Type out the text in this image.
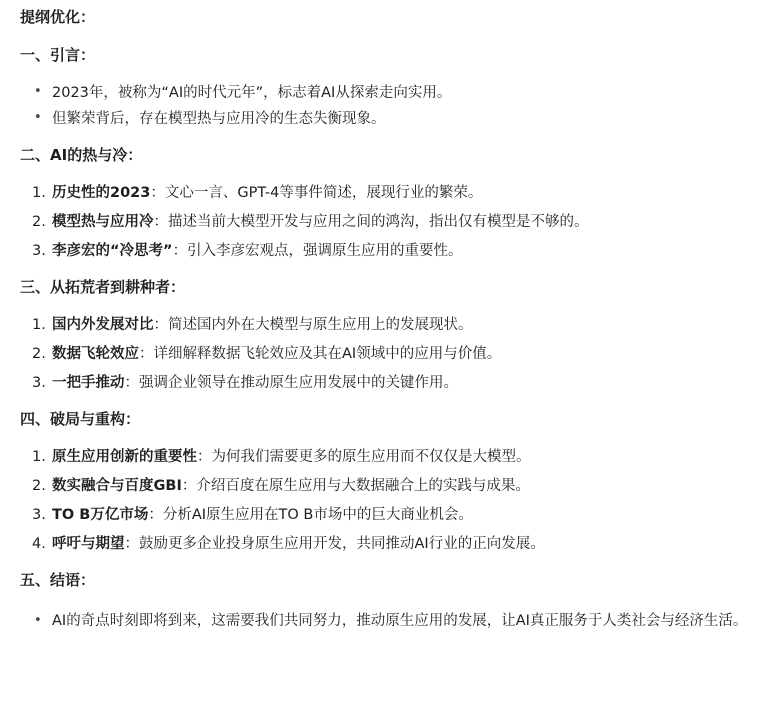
提纲优化：
一、引言：
• 2023年，被称为“AI的时代元年”，标志着AI从探索走向实用。
• 但繁荣背后，存在模型热与应用冷的生态失衡现象。
二、AI的热与冷：
1. 历史性的2023：文心一言、GPT-4等事件简述，展现行业的繁荣。
2. 模型热与应用冷：描述当前大模型开发与应用之间的鸿沟，指出仅有模型是不够的。
3. 李彦宏的“冷思考”：引入李彦宏观点，强调原生应用的重要性。
三、从拓荒者到耕种者：
1. 国内外发展对比：简述国内外在大模型与原生应用上的发展现状。
2. 数据飞轮效应：详细解释数据飞轮效应及其在AI领域中的应用与价值。
3. 一把手推动：强调企业领导在推动原生应用发展中的关键作用。
四、破局与重构：
1. 原生应用创新的重要性：为何我们需要更多的原生应用而不仅仅是大模型。
2. 数实融合与百度GBI：介绍百度在原生应用与大数据融合上的实践与成果。
3. TO B万亿市场：分析AI原生应用在TO B市场中的巨大商业机会。
4. 呼吁与期望：鼓励更多企业投身原生应用开发，共同推动AI行业的正向发展。
五、结语：
• AI的奇点时刻即将到来，这需要我们共同努力，推动原生应用的发展，让AI真正服务于人类社会与经济生活。
